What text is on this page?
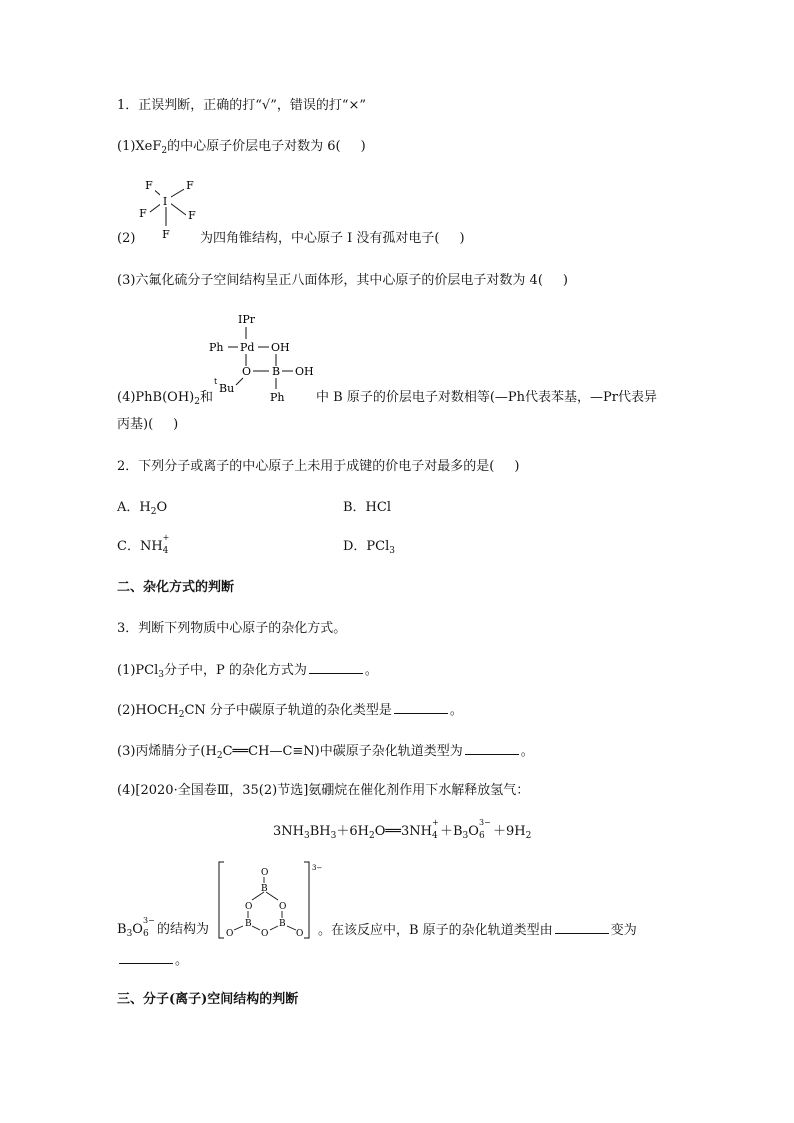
1．正误判断，正确的打“√”，错误的打“×”
(1)XeF$_2$的中心原子价层电子对数为 6( )
I
F	F
F	F
F
(2)	为四角锥结构，中心原子 I 没有孤对电子( )
(3)六氟化硫分子空间结构呈正八面体形，其中心原子的价层电子对数为 4( )
IPr
Ph Pd OH
O B OH
t
Bu
Ph
$(4)PhB(OH)_2$和	中 B 原子的价层电子对数相等(—Ph代表苯基，—Pr代表异
丙基)( )
2．下列分子或离子的中心原子上未用于成键的价电子对最多的是( )
A．$H_2O$	B．HCl
C．NH
+
4	D．PCl$_3$
二、杂化方式的判断
3．判断下列物质中心原子的杂化方式。
(1)PCl$_3$分子中，P 的杂化方式为	。
$(2)HOCH_2CN$ 分子中碳原子轨道的杂化类型是	。
(3)丙烯腈分子$(H_2C══CH—C\equiv N)$中碳原子杂化轨道类型为	。
(4)[2020·全国卷Ⅲ，35(2)节选]氨硼烷在催化剂作用下水解释放氢气：
$3NH_3BH_3+6H_2O══3NH$
+
$4 +B_3O$
3−
$6 +9H_2$
3−
O
B
O	O
B	B
O
O	O
$B_3O$
3−
6 的结构为	。在该反应中，B 原子的杂化轨道类型由	变为
。
三、分子(离子)空间结构的判断
